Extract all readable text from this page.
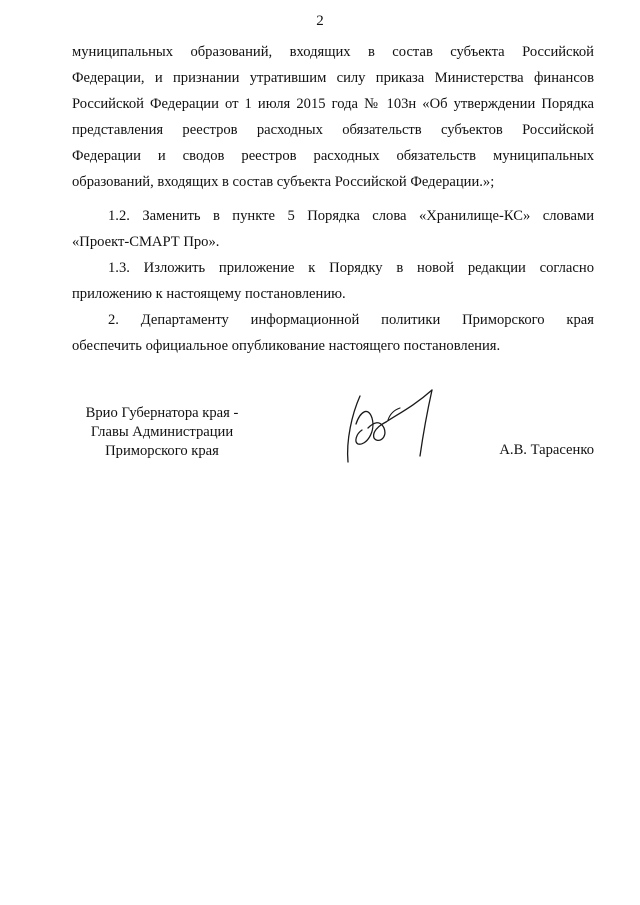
2
муниципальных образований, входящих в состав субъекта Российской
Федерации, и признании утратившим силу приказа Министерства финансов
Российской Федерации от 1 июля 2015 года № 103н «Об утверждении Порядка
представления реестров расходных обязательств субъектов Российской
Федерации и сводов реестров расходных обязательств муниципальных
образований, входящих в состав субъекта Российской Федерации.»;
1.2. Заменить в пункте 5 Порядка слова «Хранилище-КС» словами
«Проект-СМАРТ Про».
1.3. Изложить приложение к Порядку в новой редакции согласно
приложению к настоящему постановлению.
2. Департаменту информационной политики Приморского края
обеспечить официальное опубликование настоящего постановления.
Врио Губернатора края -
Главы Администрации
Приморского края	А.В. Тарасенко
